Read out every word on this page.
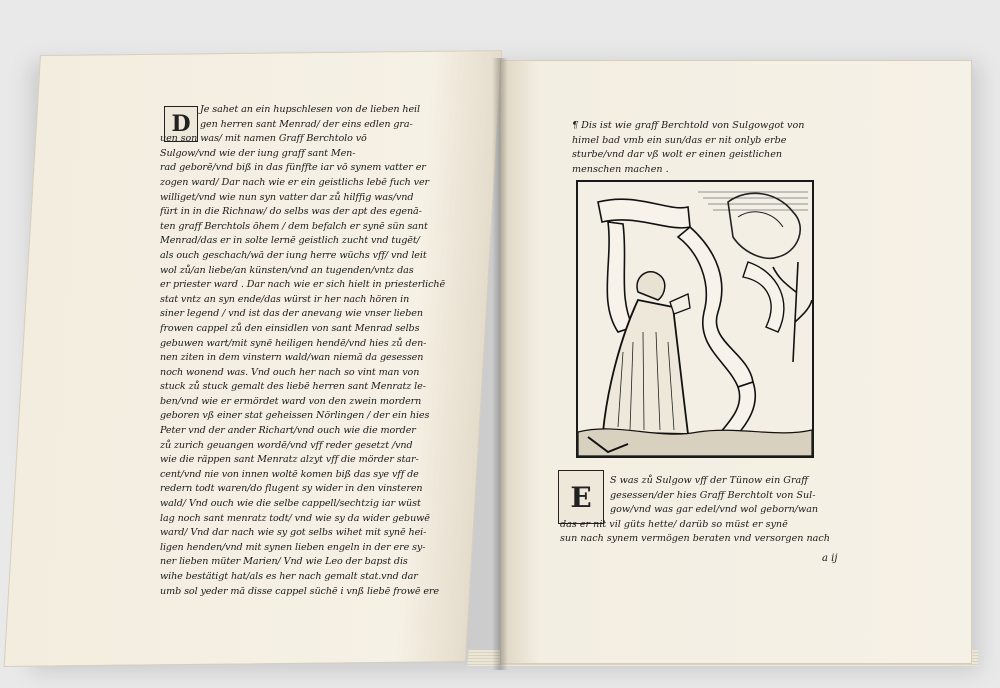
D
Je sahet an ein hupschlesen von de lieben heil
gen herren sant Menrad/ der eins edlen gra-
uen son was/ mit namen Graff Berchtolo vō
Sulgow/vnd wie der iung graff sant Men-
rad geborē/vnd biß in das fünffte iar vō synem vatter er
zogen ward/ Dar nach wie er ein geistlichs lebē fuch ver
williget/vnd wie nun syn vatter dar zů hilffig was/vnd
fürt in in die Richnaw/ do selbs was der apt des egenā-
ten graff Berchtols ōhem / dem befalch er synē sün sant
Menrad/das er in solte lernē geistlich zucht vnd tugēt/
als ouch geschach/wā der iung herre wüchs vff/ vnd leit
wol zů/an liebe/an künsten/vnd an tugenden/vntz das
er priester ward . Dar nach wie er sich hielt in priesterlichē
stat vntz an syn ende/das würst ir her nach hören in
siner legend / vnd ist das der anevang wie vnser lieben
frowen cappel zů den einsidlen von sant Menrad selbs
gebuwen wart/mit synē heiligen hendē/vnd hies zů den-
nen ziten in dem vinstern wald/wan niemā da gesessen
noch wonend was. Vnd ouch her nach so vint man von
stuck zů stuck gemalt des liebē herren sant Menratz le-
ben/vnd wie er ermördet ward von den zwein mordern
geboren vß einer stat geheissen Nörlingen / der ein hies
Peter vnd der ander Richart/vnd ouch wie die morder
zů zurich geuangen wordē/vnd vff reder gesetzt /vnd
wie die räppen sant Menratz alzyt vff die mörder star-
cent/vnd nie von innen woltē komen biß das sye vff de
redern todt waren/do flugent sy wider in den vinsteren
wald/ Vnd ouch wie die selbe cappell/sechtzig iar wüst
lag noch sant menratz todt/ vnd wie sy da wider gebuwē
ward/ Vnd dar nach wie sy got selbs wihet mit synē hei-
ligen henden/vnd mit synen lieben engeln in der ere sy-
ner lieben müter Marien/ Vnd wie Leo der bapst dis
wihe bestätigt hat/als es her nach gemalt stat.vnd dar
umb sol yeder mā disse cappel süchē i vnß liebē frowē ere
¶ Dis ist wie graff Berchtold von Sulgowgot von himel bad vmb ein sun/das er nit onlyb erbe sturbe/vnd dar vß wolt er einen geistlichen menschen machen .
E	S was zů Sulgow vff der Tünow ein Graff
gesessen/der hies Graff Berchtolt von Sul-
gow/vnd was gar edel/vnd wol geborn/wan
das er nit vil güts hette/ darüb so müst er synē
sun nach synem vermögen beraten vnd versorgen nach
a ij
